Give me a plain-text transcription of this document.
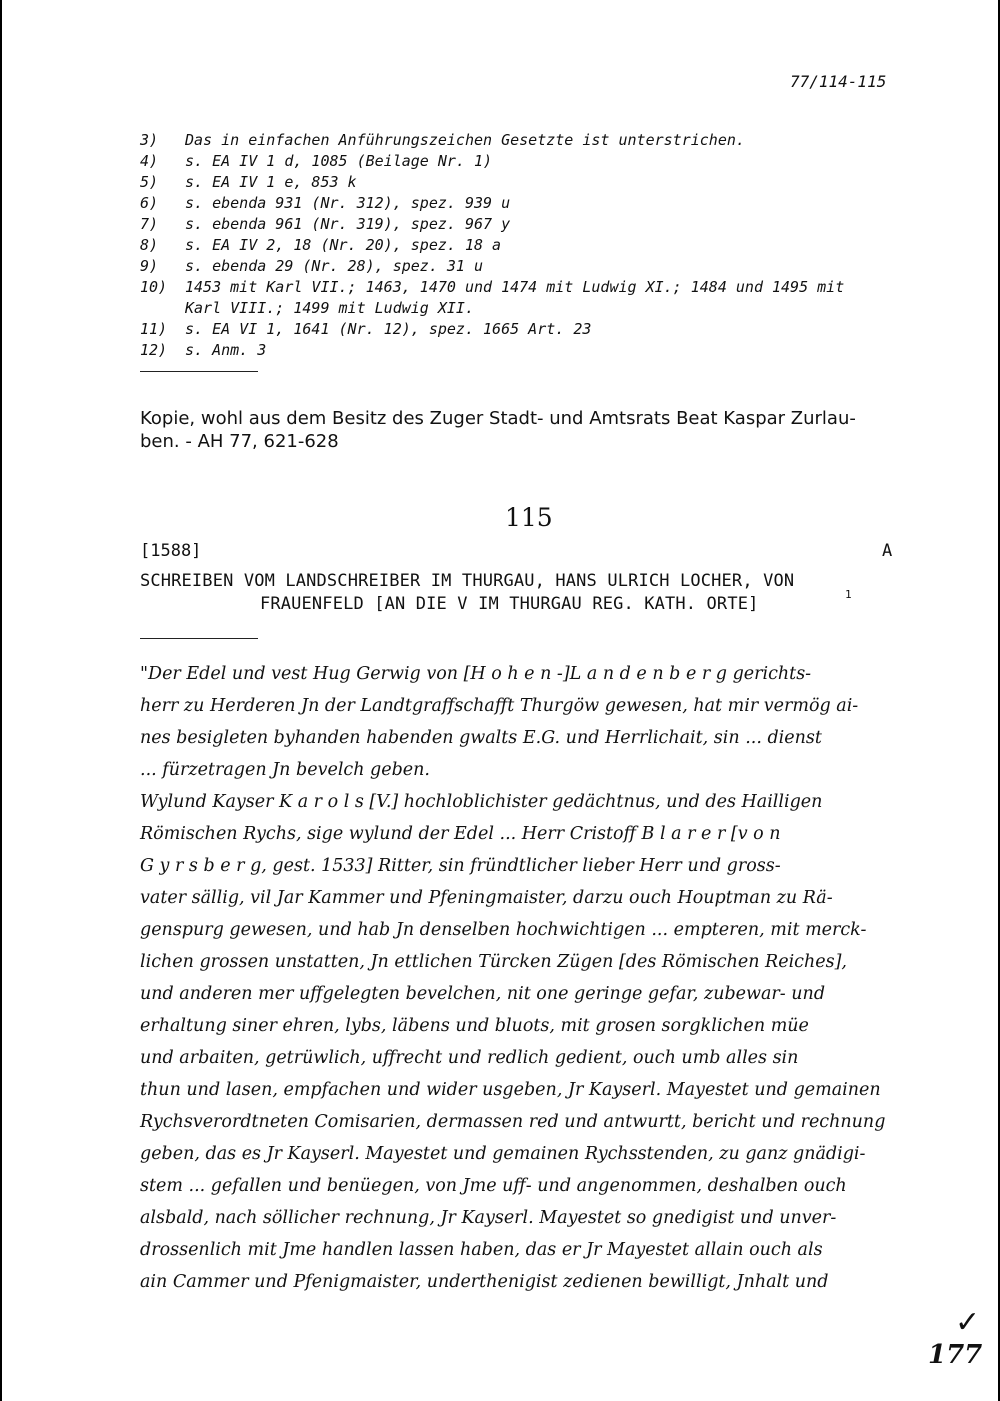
77/114-115
3) Das in einfachen Anführungszeichen Gesetzte ist unterstrichen.
4) s. EA IV 1 d, 1085 (Beilage Nr. 1)
5) s. EA IV 1 e, 853 k
6) s. ebenda 931 (Nr. 312), spez. 939 u
7) s. ebenda 961 (Nr. 319), spez. 967 y
8) s. EA IV 2, 18 (Nr. 20), spez. 18 a
9) s. ebenda 29 (Nr. 28), spez. 31 u
10) 1453 mit Karl VII.; 1463, 1470 und 1474 mit Ludwig XI.; 1484 und 1495 mit
Karl VIII.; 1499 mit Ludwig XII.
11) s. EA VI 1, 1641 (Nr. 12), spez. 1665 Art. 23
12) s. Anm. 3
Kopie, wohl aus dem Besitz des Zuger Stadt- und Amtsrats Beat Kaspar Zurlau-
ben. - AH 77, 621-628
115
[1588]	A
SCHREIBEN VOM LANDSCHREIBER IM THURGAU, HANS ULRICH LOCHER, VON
FRAUENFELD [AN DIE V IM THURGAU REG. KATH. ORTE]	1
"Der Edel und vest Hug Gerwig von [H o h e n -]L a n d e n b e r g gerichts-
herr zu Herderen Jn der Landtgraffschafft Thurgöw gewesen, hat mir vermög ai-
nes besigleten byhanden habenden gwalts E.G. und Herrlichait, sin ... dienst
... fürzetragen Jn bevelch geben.
Wylund Kayser K a r o l s [V.] hochloblichister gedächtnus, und des Hailligen
Römischen Rychs, sige wylund der Edel ... Herr Cristoff B l a r e r [v o n
G y r s b e r g, gest. 1533] Ritter, sin fründtlicher lieber Herr und gross-
vater sällig, vil Jar Kammer und Pfeningmaister, darzu ouch Houptman zu Rä-
genspurg gewesen, und hab Jn denselben hochwichtigen ... empteren, mit merck-
lichen grossen unstatten, Jn ettlichen Türcken Zügen [des Römischen Reiches],
und anderen mer uffgelegten bevelchen, nit one geringe gefar, zubewar- und
erhaltung siner ehren, lybs, läbens und bluots, mit grosen sorgklichen müe
und arbaiten, getrüwlich, uffrecht und redlich gedient, ouch umb alles sin
thun und lasen, empfachen und wider usgeben, Jr Kayserl. Mayestet und gemainen
Rychsverordtneten Comisarien, dermassen red und antwurtt, bericht und rechnung
geben, das es Jr Kayserl. Mayestet und gemainen Rychsstenden, zu ganz gnädigi-
stem ... gefallen und benüegen, von Jme uff- und angenommen, deshalben ouch
alsbald, nach söllicher rechnung, Jr Kayserl. Mayestet so gnedigist und unver-
drossenlich mit Jme handlen lassen haben, das er Jr Mayestet allain ouch als
ain Cammer und Pfenigmaister, underthenigist zedienen bewilligt, Jnhalt und
✓
177
